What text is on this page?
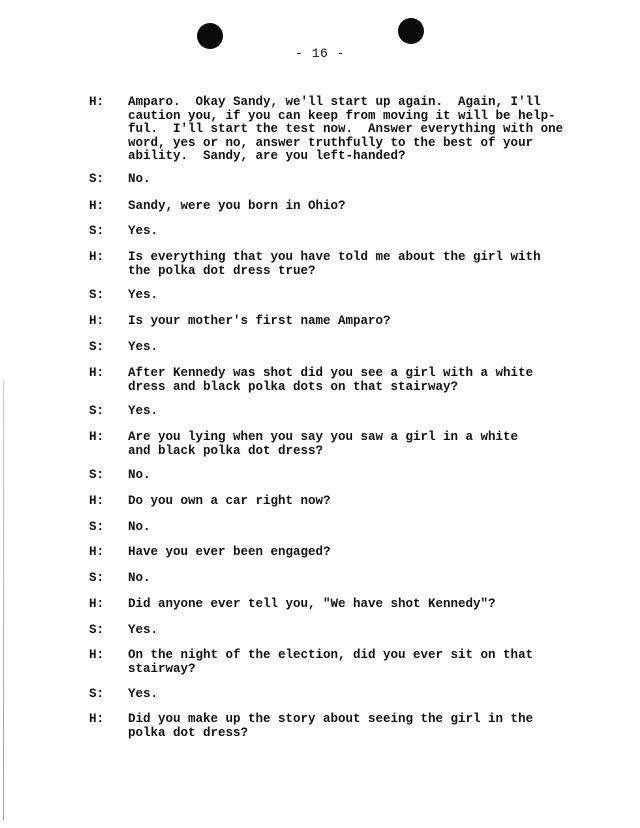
- 16 -
H:	Amparo.  Okay Sandy, we'll start up again.  Again, I'll
caution you, if you can keep from moving it will be help-
ful.  I'll start the test now.  Answer everything with one
word, yes or no, answer truthfully to the best of your
ability.  Sandy, are you left-handed?
S:	No.
H:	Sandy, were you born in Ohio?
S:	Yes.
H:	Is everything that you have told me about the girl with
the polka dot dress true?
S:	Yes.
H:	Is your mother's first name Amparo?
S:	Yes.
H:	After Kennedy was shot did you see a girl with a white
dress and black polka dots on that stairway?
S:	Yes.
H:	Are you lying when you say you saw a girl in a white
and black polka dot dress?
S:	No.
H:	Do you own a car right now?
S:	No.
H:	Have you ever been engaged?
S:	No.
H:	Did anyone ever tell you, "We have shot Kennedy"?
S:	Yes.
H:	On the night of the election, did you ever sit on that
stairway?
S:	Yes.
H:	Did you make up the story about seeing the girl in the
polka dot dress?
